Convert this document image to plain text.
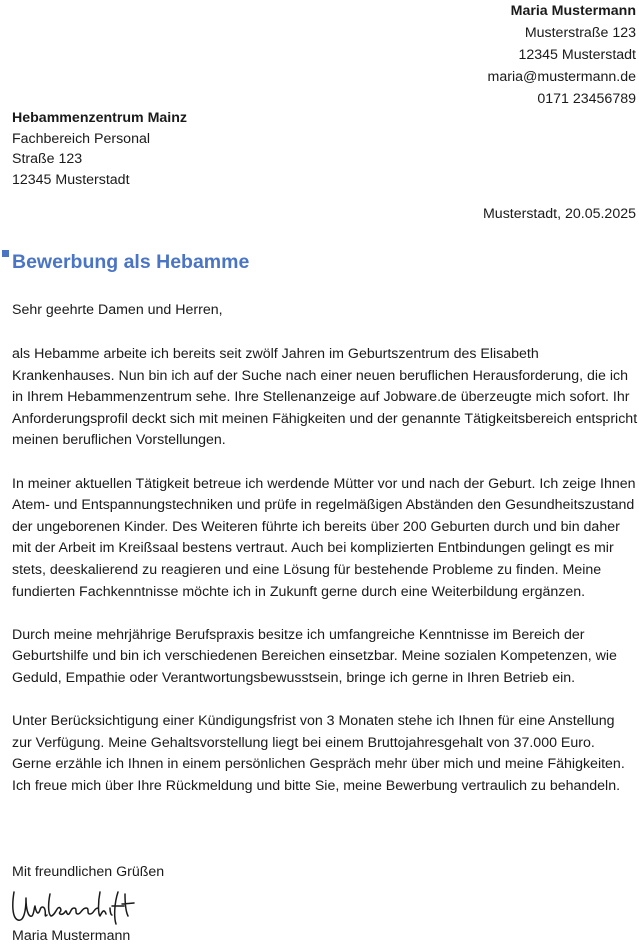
Maria Mustermann
Musterstraße 123
12345 Musterstadt
maria@mustermann.de
0171 23456789
Hebammenzentrum Mainz
Fachbereich Personal
Straße 123
12345 Musterstadt
Musterstadt, 20.05.2025
Bewerbung als Hebamme
Sehr geehrte Damen und Herren,

als Hebamme arbeite ich bereits seit zwölf Jahren im Geburtszentrum des Elisabeth Krankenhauses. Nun bin ich auf der Suche nach einer neuen beruflichen Herausforderung, die ich in Ihrem Hebammenzentrum sehe. Ihre Stellenanzeige auf Jobware.de überzeugte mich sofort. Ihr Anforderungsprofil deckt sich mit meinen Fähigkeiten und der genannte Tätigkeitsbereich entspricht meinen beruflichen Vorstellungen.

In meiner aktuellen Tätigkeit betreue ich werdende Mütter vor und nach der Geburt. Ich zeige Ihnen Atem- und Entspannungstechniken und prüfe in regelmäßigen Abständen den Gesundheitszustand der ungeborenen Kinder. Des Weiteren führte ich bereits über 200 Geburten durch und bin daher mit der Arbeit im Kreißsaal bestens vertraut. Auch bei komplizierten Entbindungen gelingt es mir stets, deeskalierend zu reagieren und eine Lösung für bestehende Probleme zu finden. Meine fundierten Fachkenntnisse möchte ich in Zukunft gerne durch eine Weiterbildung ergänzen.

Durch meine mehrjährige Berufspraxis besitze ich umfangreiche Kenntnisse im Bereich der Geburtshilfe und bin ich verschiedenen Bereichen einsetzbar. Meine sozialen Kompetenzen, wie Geduld, Empathie oder Verantwortungsbewusstsein, bringe ich gerne in Ihren Betrieb ein.

Unter Berücksichtigung einer Kündigungsfrist von 3 Monaten stehe ich Ihnen für eine Anstellung zur Verfügung. Meine Gehaltsvorstellung liegt bei einem Bruttojahresgehalt von 37.000 Euro. Gerne erzähle ich Ihnen in einem persönlichen Gespräch mehr über mich und meine Fähigkeiten. Ich freue mich über Ihre Rückmeldung und bitte Sie, meine Bewerbung vertraulich zu behandeln.

Mit freundlichen Grüßen
Maria Mustermann
